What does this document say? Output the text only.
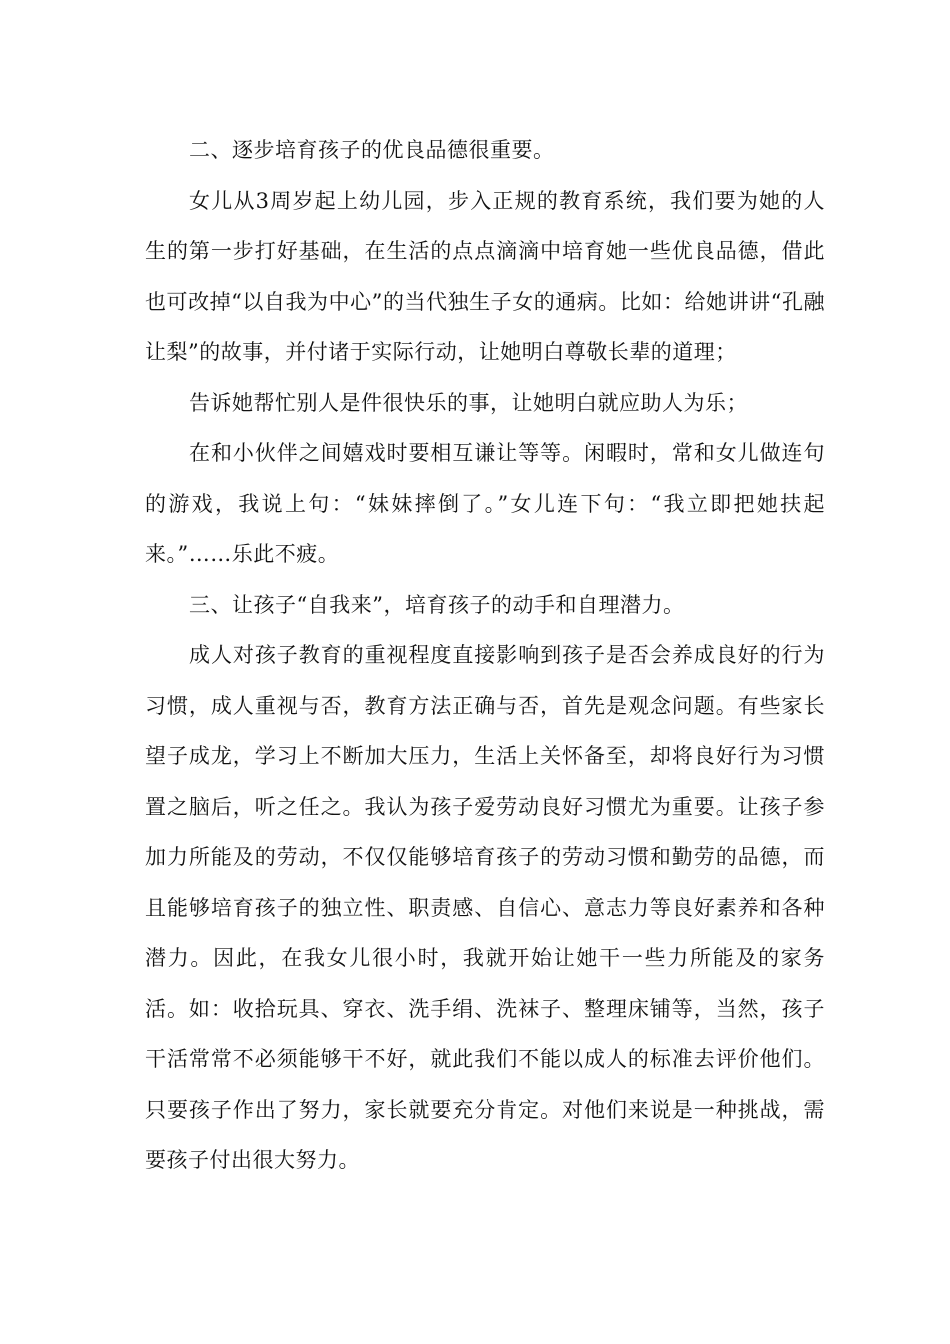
二、逐步培育孩子的优良品德很重要。

女儿从3周岁起上幼儿园，步入正规的教育系统，我们要为她的人生的第一步打好基础，在生活的点点滴滴中培育她一些优良品德，借此也可改掉“以自我为中心”的当代独生子女的通病。比如：给她讲讲“孔融让梨”的故事，并付诸于实际行动，让她明白尊敬长辈的道理；

告诉她帮忙别人是件很快乐的事，让她明白就应助人为乐；

在和小伙伴之间嬉戏时要相互谦让等等。闲暇时，常和女儿做连句的游戏，我说上句：“妹妹摔倒了。”女儿连下句：“我立即把她扶起来。”……乐此不疲。

三、让孩子“自我来”，培育孩子的动手和自理潜力。

成人对孩子教育的重视程度直接影响到孩子是否会养成良好的行为习惯，成人重视与否，教育方法正确与否，首先是观念问题。有些家长望子成龙，学习上不断加大压力，生活上关怀备至，却将良好行为习惯置之脑后，听之任之。我认为孩子爱劳动良好习惯尤为重要。让孩子参加力所能及的劳动，不仅仅能够培育孩子的劳动习惯和勤劳的品德，而且能够培育孩子的独立性、职责感、自信心、意志力等良好素养和各种潜力。因此，在我女儿很小时，我就开始让她干一些力所能及的家务活。如：收拾玩具、穿衣、洗手绢、洗袜子、整理床铺等，当然，孩子干活常常不必须能够干不好，就此我们不能以成人的标准去评价他们。只要孩子作出了努力，家长就要充分肯定。对他们来说是一种挑战，需要孩子付出很大努力。
